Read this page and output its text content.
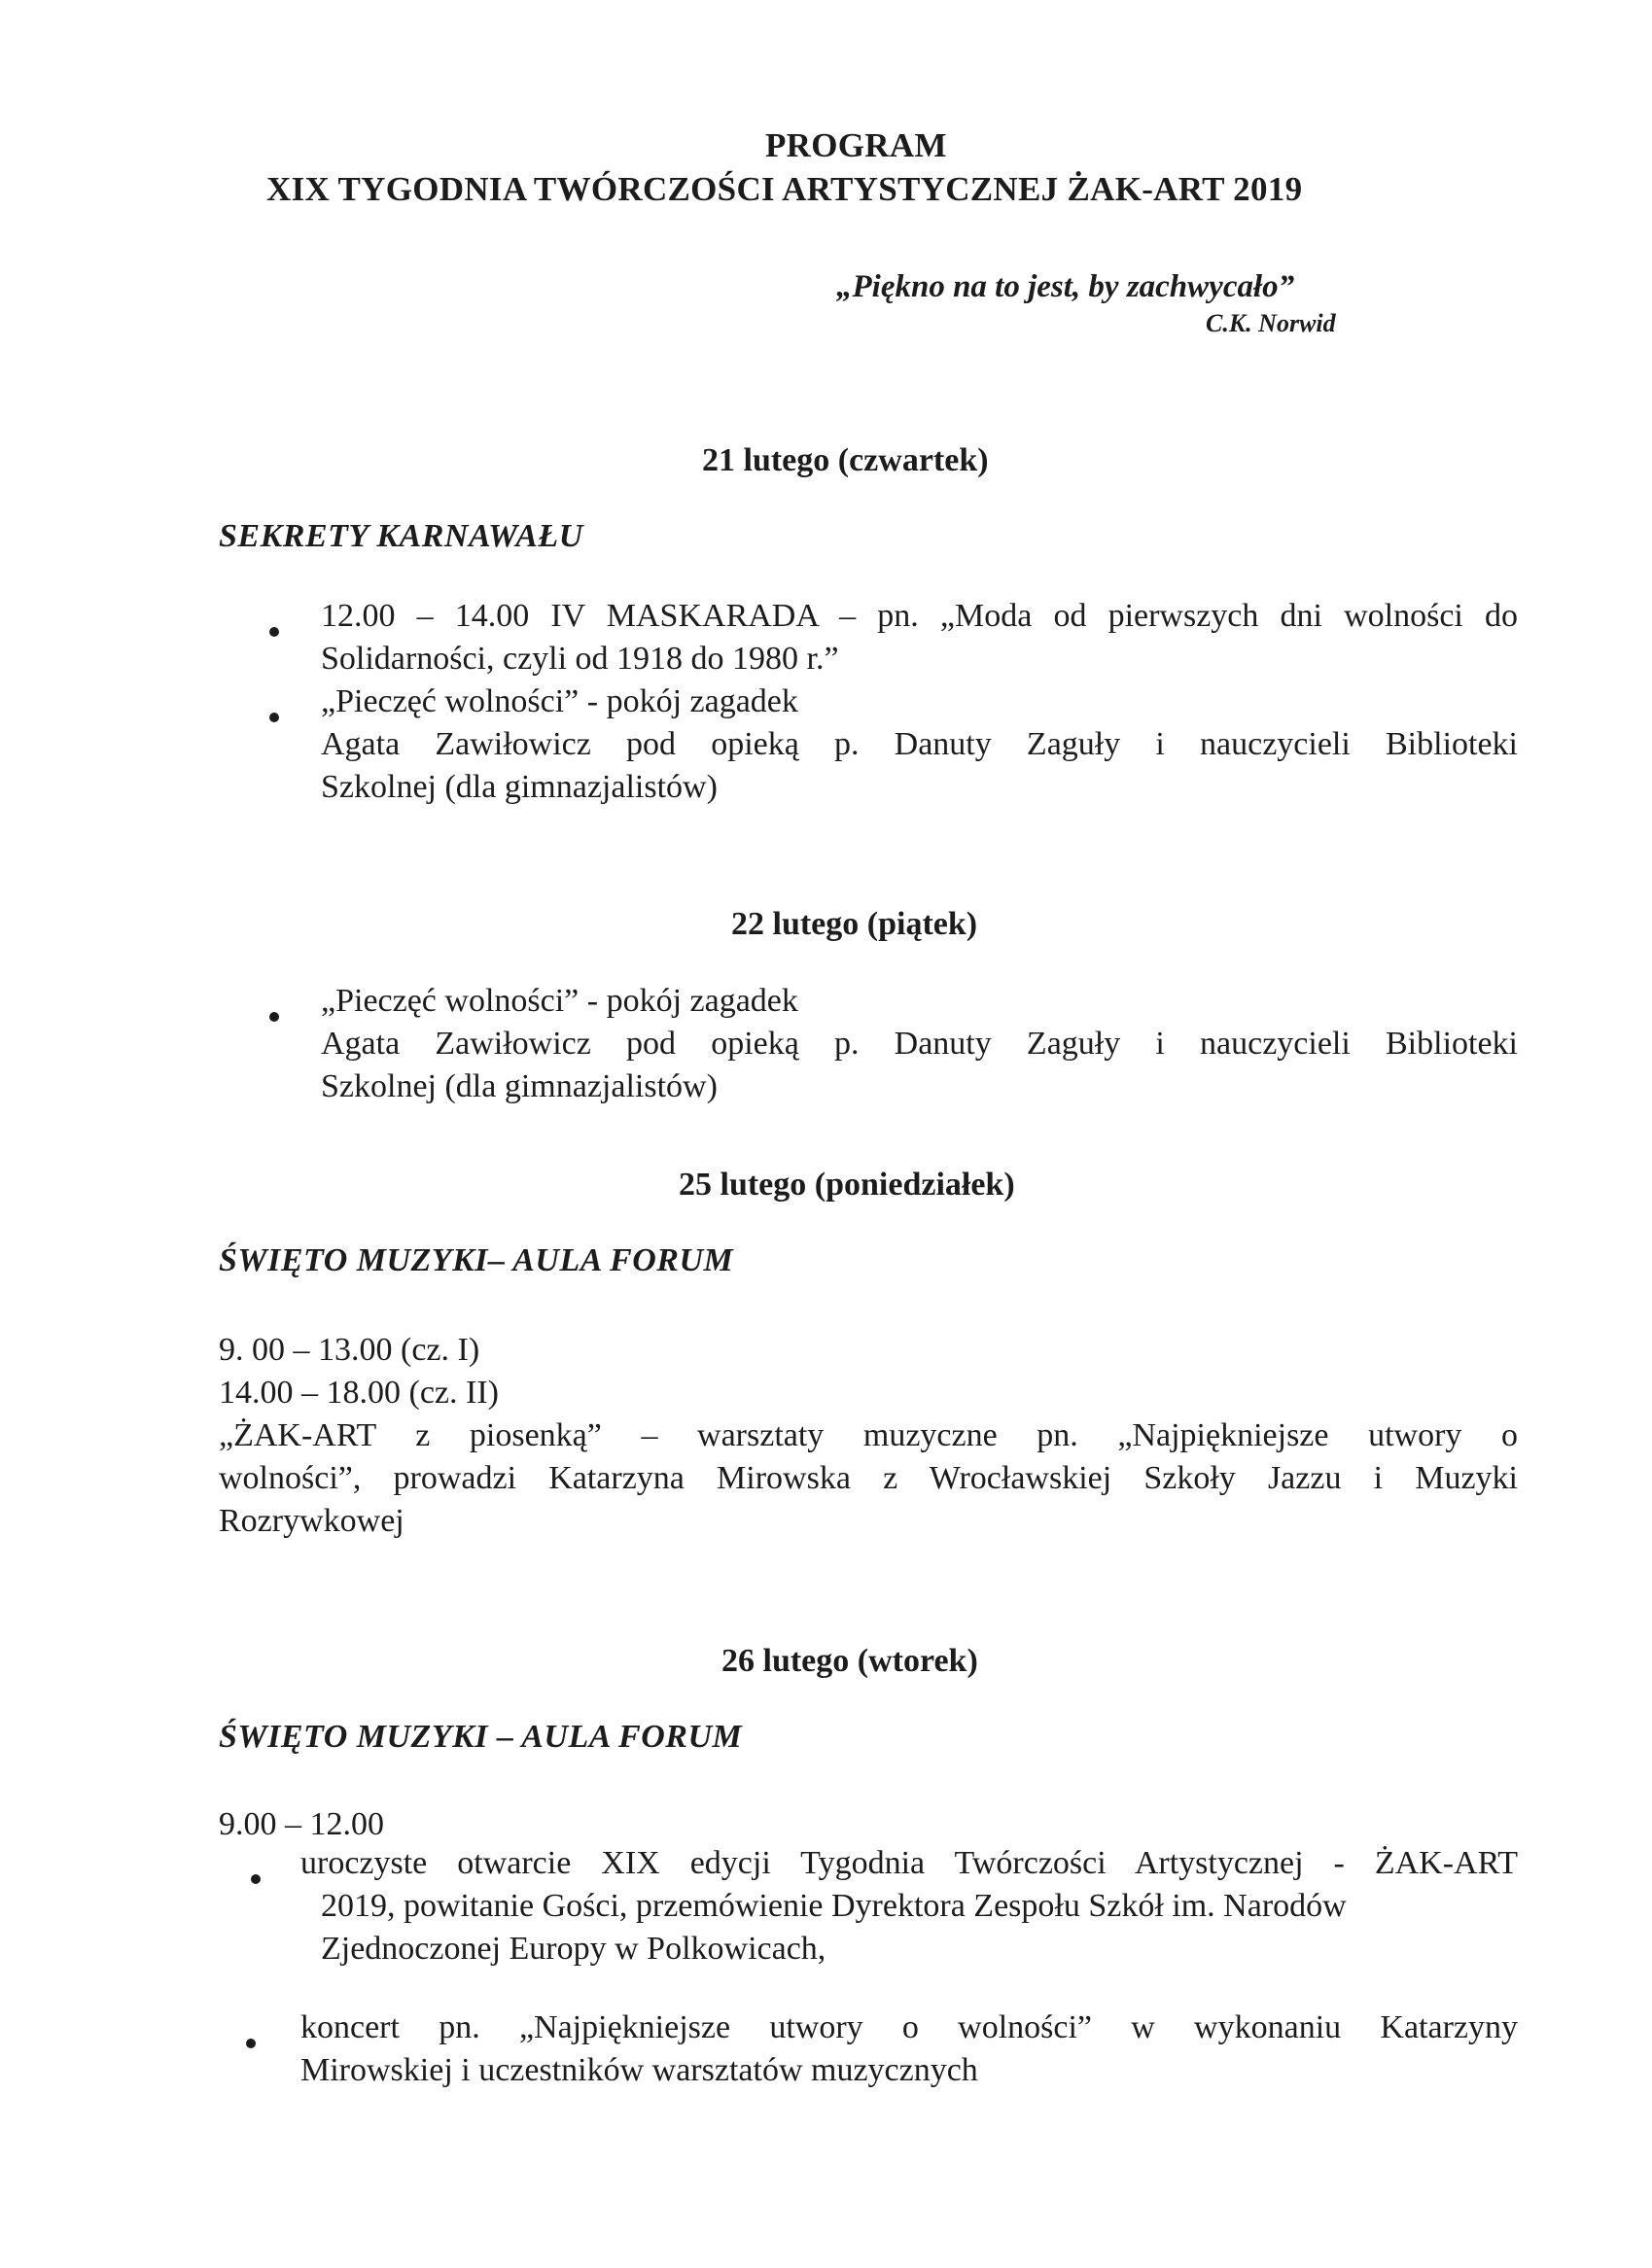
PROGRAM
XIX TYGODNIA TWÓRCZOŚCI ARTYSTYCZNEJ ŻAK-ART 2019
„Piękno na to jest, by zachwycało”
C.K. Norwid
21 lutego (czwartek)
SEKRETY KARNAWAŁU
12.00 – 14.00 IV MASKARADA – pn. „Moda od pierwszych dni wolności do
Solidarności, czyli od 1918 do 1980 r.”
„Pieczęć wolności” - pokój zagadek
Agata Zawiłowicz pod opieką p. Danuty Zaguły i nauczycieli Biblioteki
Szkolnej (dla gimnazjalistów)
22 lutego (piątek)
„Pieczęć wolności” - pokój zagadek
Agata Zawiłowicz pod opieką p. Danuty Zaguły i nauczycieli Biblioteki
Szkolnej (dla gimnazjalistów)
25 lutego (poniedziałek)
ŚWIĘTO MUZYKI– AULA FORUM
9. 00 – 13.00 (cz. I)
14.00 – 18.00 (cz. II)
„ŻAK-ART z piosenką” – warsztaty muzyczne pn. „Najpiękniejsze utwory o
wolności”, prowadzi Katarzyna Mirowska z Wrocławskiej Szkoły Jazzu i Muzyki
Rozrywkowej
26 lutego (wtorek)
ŚWIĘTO MUZYKI – AULA FORUM
9.00 – 12.00
uroczyste otwarcie XIX edycji Tygodnia Twórczości Artystycznej - ŻAK-ART
2019, powitanie Gości, przemówienie Dyrektora Zespołu Szkół im. Narodów
Zjednoczonej Europy w Polkowicach,
koncert pn. „Najpiękniejsze utwory o wolności” w wykonaniu Katarzyny
Mirowskiej i uczestników warsztatów muzycznych
